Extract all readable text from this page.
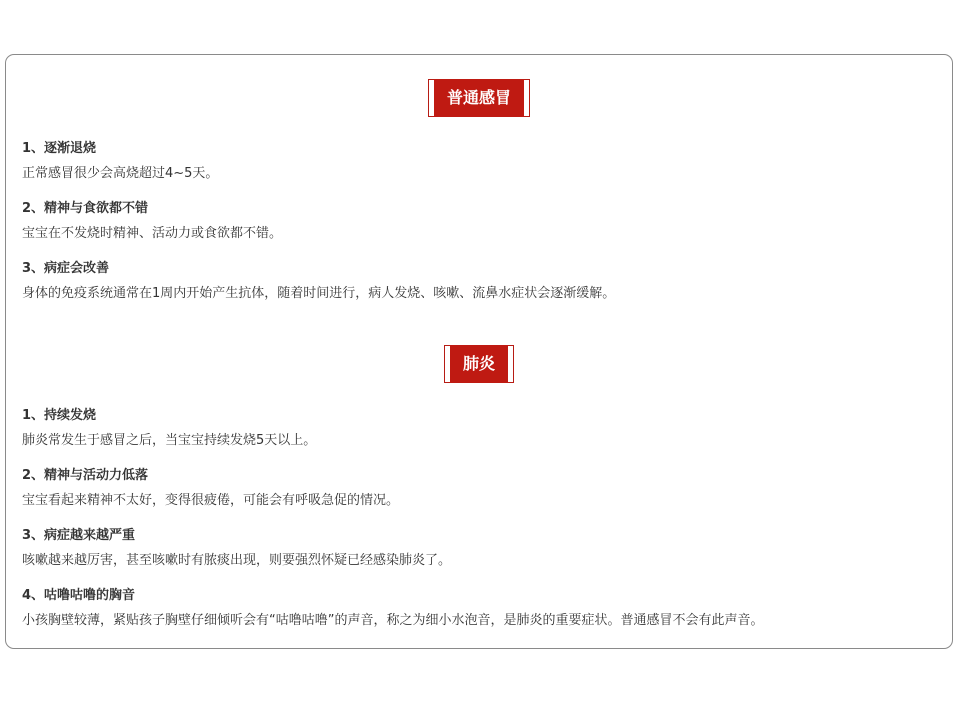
普通感冒
1、逐渐退烧
正常感冒很少会高烧超过4~5天。
2、精神与食欲都不错
宝宝在不发烧时精神、活动力或食欲都不错。
3、病症会改善
身体的免疫系统通常在1周内开始产生抗体，随着时间进行，病人发烧、咳嗽、流鼻水症状会逐渐缓解。
肺炎
1、持续发烧
肺炎常发生于感冒之后，当宝宝持续发烧5天以上。
2、精神与活动力低落
宝宝看起来精神不太好，变得很疲倦，可能会有呼吸急促的情况。
3、病症越来越严重
咳嗽越来越厉害，甚至咳嗽时有脓痰出现，则要强烈怀疑已经感染肺炎了。
4、咕噜咕噜的胸音
小孩胸壁较薄，紧贴孩子胸壁仔细倾听会有“咕噜咕噜”的声音，称之为细小水泡音，是肺炎的重要症状。普通感冒不会有此声音。
